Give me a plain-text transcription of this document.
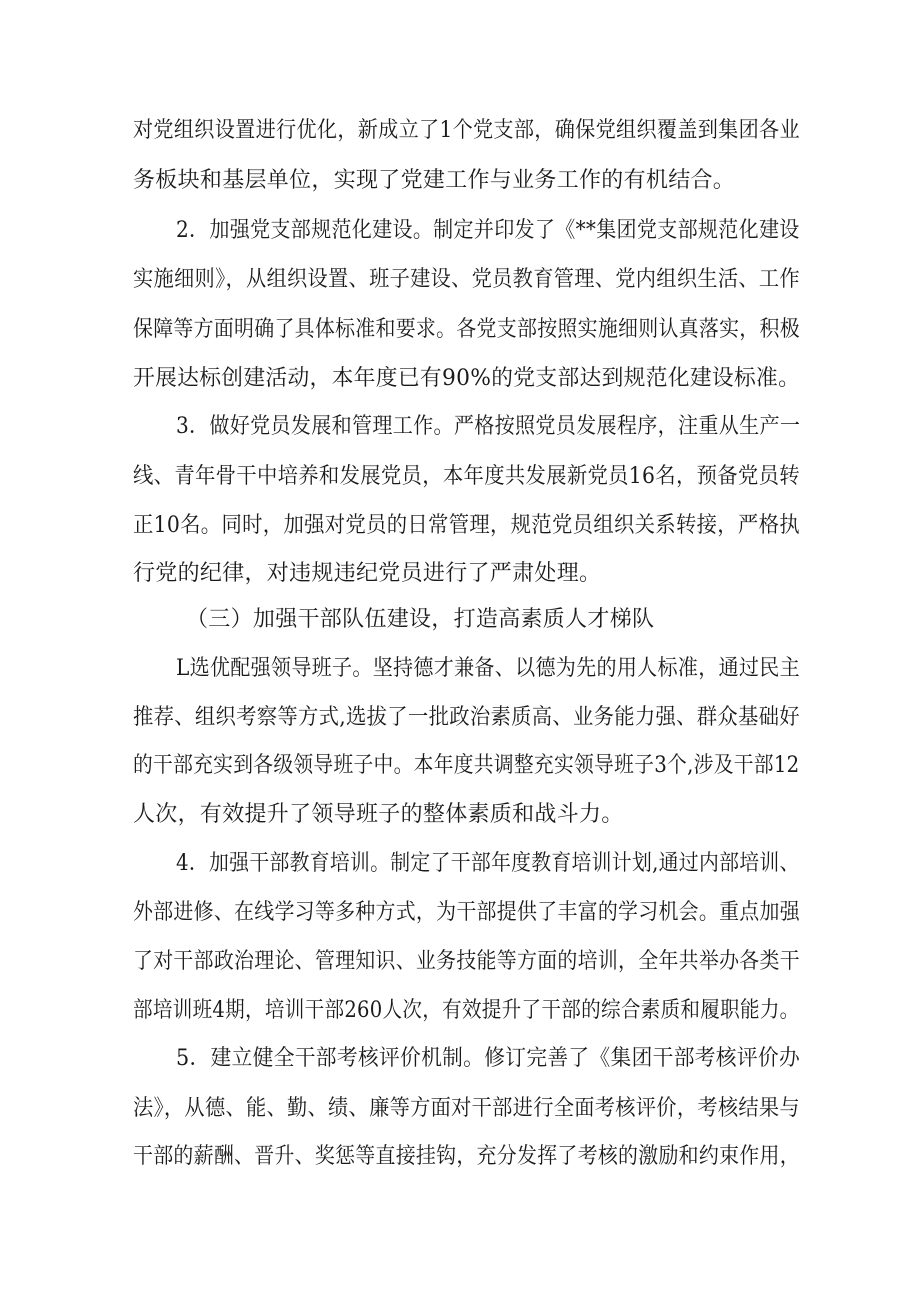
对党组织设置进行优化，新成立了1个党支部，确保党组织覆盖到集团各业
务板块和基层单位，实现了党建工作与业务工作的有机结合。
2．加强党支部规范化建设。制定并印发了《**集团党支部规范化建设
实施细则》，从组织设置、班子建设、党员教育管理、党内组织生活、工作
保障等方面明确了具体标准和要求。各党支部按照实施细则认真落实，积极
开展达标创建活动，本年度已有90%的党支部达到规范化建设标准。
3．做好党员发展和管理工作。严格按照党员发展程序，注重从生产一
线、青年骨干中培养和发展党员，本年度共发展新党员16名，预备党员转
正10名。同时，加强对党员的日常管理，规范党员组织关系转接，严格执
行党的纪律，对违规违纪党员进行了严肃处理。
（三）加强干部队伍建设，打造高素质人才梯队
L选优配强领导班子。坚持德才兼备、以德为先的用人标准，通过民主
推荐、组织考察等方式,选拔了一批政治素质高、业务能力强、群众基础好
的干部充实到各级领导班子中。本年度共调整充实领导班子3个,涉及干部12
人次，有效提升了领导班子的整体素质和战斗力。
4．加强干部教育培训。制定了干部年度教育培训计划,通过内部培训、
外部进修、在线学习等多种方式，为干部提供了丰富的学习机会。重点加强
了对干部政治理论、管理知识、业务技能等方面的培训，全年共举办各类干
部培训班4期，培训干部260人次，有效提升了干部的综合素质和履职能力。
5．建立健全干部考核评价机制。修订完善了《集团干部考核评价办
法》，从德、能、勤、绩、廉等方面对干部进行全面考核评价，考核结果与
干部的薪酬、晋升、奖惩等直接挂钩，充分发挥了考核的激励和约束作用，
